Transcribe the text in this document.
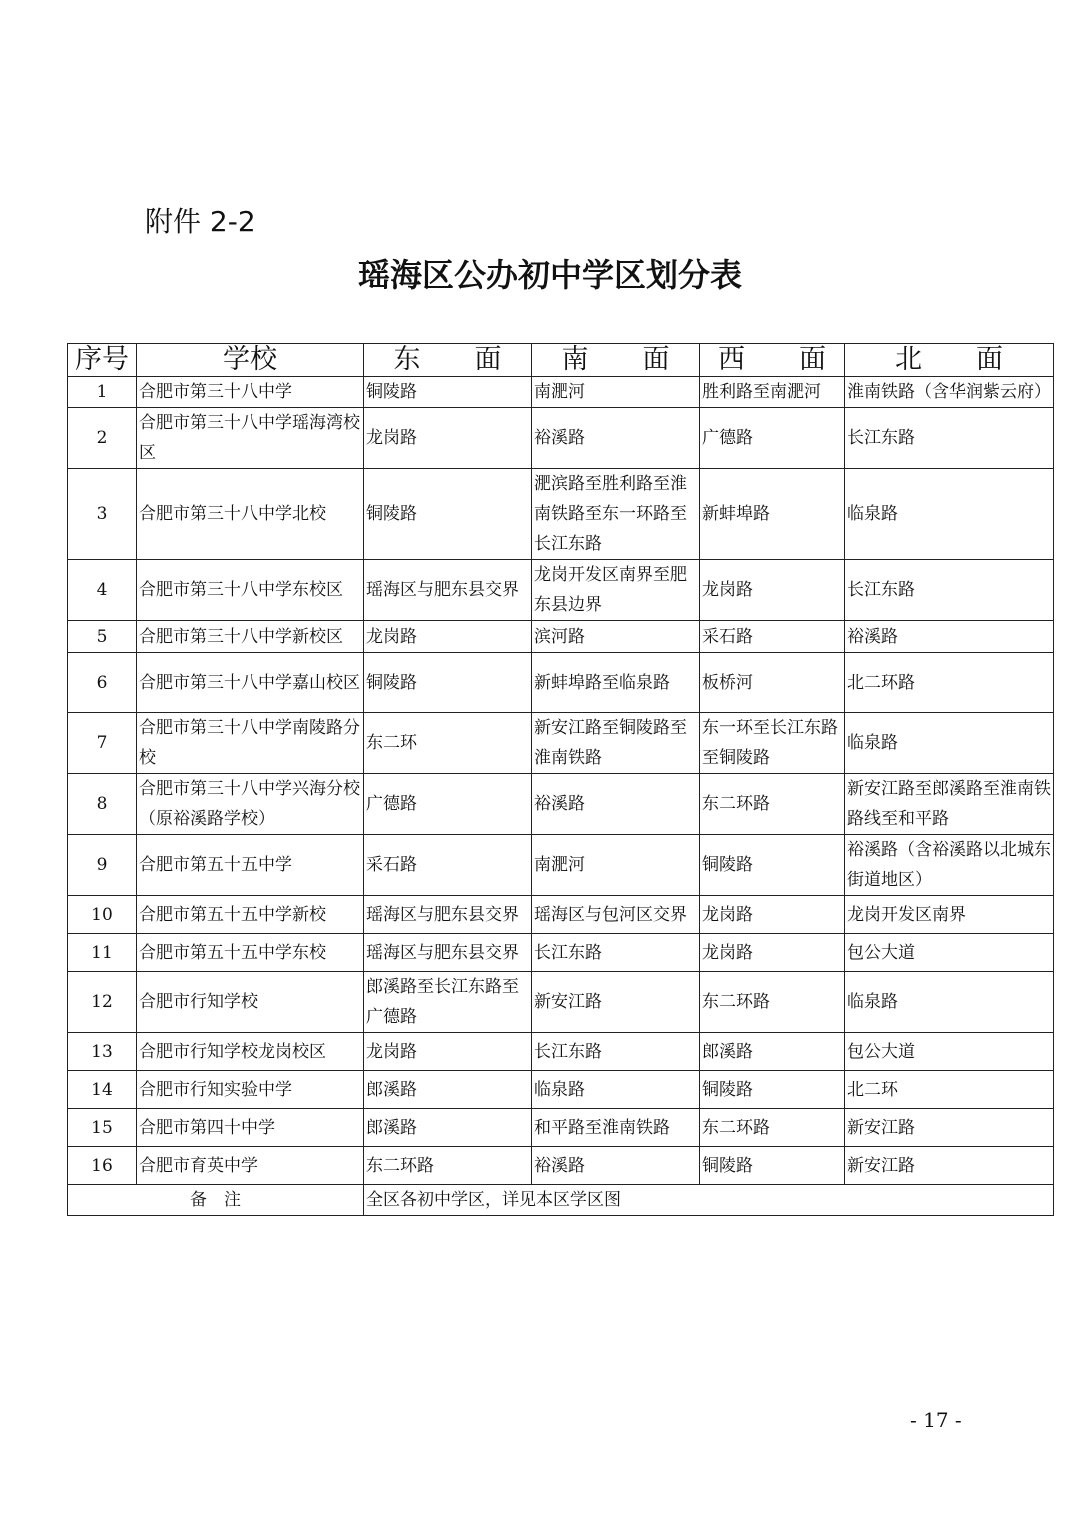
附件 2-2
瑶海区公办初中学区划分表
序号	学校	东　　面	南　　面	西　　面	北　　面
1	合肥市第三十八中学	铜陵路	南淝河	胜利路至南淝河	淮南铁路（含华润紫云府）
2	合肥市第三十八中学瑶海湾校区	龙岗路	裕溪路	广德路	长江东路
3	合肥市第三十八中学北校	铜陵路	淝滨路至胜利路至淮南铁路至东一环路至长江东路	新蚌埠路	临泉路
4	合肥市第三十八中学东校区	瑶海区与肥东县交界	龙岗开发区南界至肥东县边界	龙岗路	长江东路
5	合肥市第三十八中学新校区	龙岗路	滨河路	采石路	裕溪路
6	合肥市第三十八中学嘉山校区	铜陵路	新蚌埠路至临泉路	板桥河	北二环路
7	合肥市第三十八中学南陵路分校	东二环	新安江路至铜陵路至淮南铁路	东一环至长江东路至铜陵路	临泉路
8	合肥市第三十八中学兴海分校（原裕溪路学校）	广德路	裕溪路	东二环路	新安江路至郎溪路至淮南铁路线至和平路
9	合肥市第五十五中学	采石路	南淝河	铜陵路	裕溪路（含裕溪路以北城东街道地区）
10	合肥市第五十五中学新校	瑶海区与肥东县交界	瑶海区与包河区交界	龙岗路	龙岗开发区南界
11	合肥市第五十五中学东校	瑶海区与肥东县交界	长江东路	龙岗路	包公大道
12	合肥市行知学校	郎溪路至长江东路至广德路	新安江路	东二环路	临泉路
13	合肥市行知学校龙岗校区	龙岗路	长江东路	郎溪路	包公大道
14	合肥市行知实验中学	郎溪路	临泉路	铜陵路	北二环
15	合肥市第四十中学	郎溪路	和平路至淮南铁路	东二环路	新安江路
16	合肥市育英中学	东二环路	裕溪路	铜陵路	新安江路
备　注		全区各初中学区，详见本区学区图			
- 17 -
